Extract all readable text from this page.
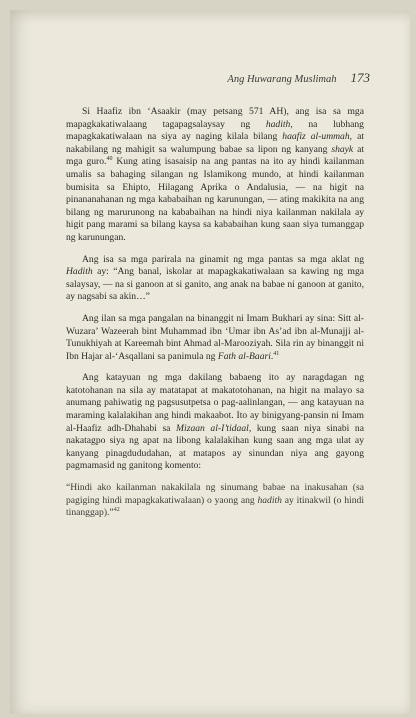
Ang Huwarang Muslimah 173

Si Haafiz ibn ‘Asaakir (may petsang 571 AH), ang isa sa mga mapagkakatiwalaang tagapagsalaysay ng hadith, na lubhang mapagkakatiwalaan na siya ay naging kilala bilang haafiz al-ummah, at nakabilang ng mahigit sa walumpung babae sa lipon ng kanyang shayk at mga guro.$^{40}$ Kung ating isasaisip na ang pantas na ito ay hindi kailanman umalis sa bahaging silangan ng Islamikong mundo, at hindi kailanman bumisita sa Ehipto, Hilagang Aprika o Andalusia, — na higit na pinananahanan ng mga kababaihan ng karunungan, — ating makikita na ang bilang ng marurunong na kababaihan na hindi niya kailanman nakilala ay higit pang marami sa bilang kaysa sa kababaihan kung saan siya tumanggap ng karunungan.

Ang isa sa mga parirala na ginamit ng mga pantas sa mga aklat ng Hadith ay: “Ang banal, iskolar at mapagkakatiwalaan sa kawing ng mga salaysay, — na si ganoon at si ganito, ang anak na babae ni ganoon at ganito, ay nagsabi sa akin…”

Ang ilan sa mga pangalan na binanggit ni Imam Bukhari ay sina: Sitt al-Wuzara’ Wazeerah bint Muhammad ibn ‘Umar ibn As’ad ibn al-Munajji al-Tunukhiyah at Kareemah bint Ahmad al-Marooziyah. Sila rin ay binanggit ni Ibn Hajar al-‘Asqallani sa panimula ng Fath al-Baari.$^{41}$

Ang katayuan ng mga dakilang babaeng ito ay naragdagan ng katotohanan na sila ay matatapat at makatotohanan, na higit na malayo sa anumang pahiwatig ng pagsusutpetsa o pag-aalinlangan, — ang katayuan na maraming kalalakihan ang hindi makaabot. Ito ay binigyang-pansin ni Imam al-Haafiz adh-Dhahabi sa Mizaan al-I’tidaal, kung saan niya sinabi na nakatagpo siya ng apat na libong kalalakihan kung saan ang mga ulat ay kanyang pinagdududahan, at matapos ay sinundan niya ang gayong pagmamasid ng ganitong komento:

“Hindi ako kailanman nakakilala ng sinumang babae na inakusahan (sa pagiging hindi mapagkakatiwalaan) o yaong ang hadith ay itinakwil (o hindi tinanggap).”$^{42}$
